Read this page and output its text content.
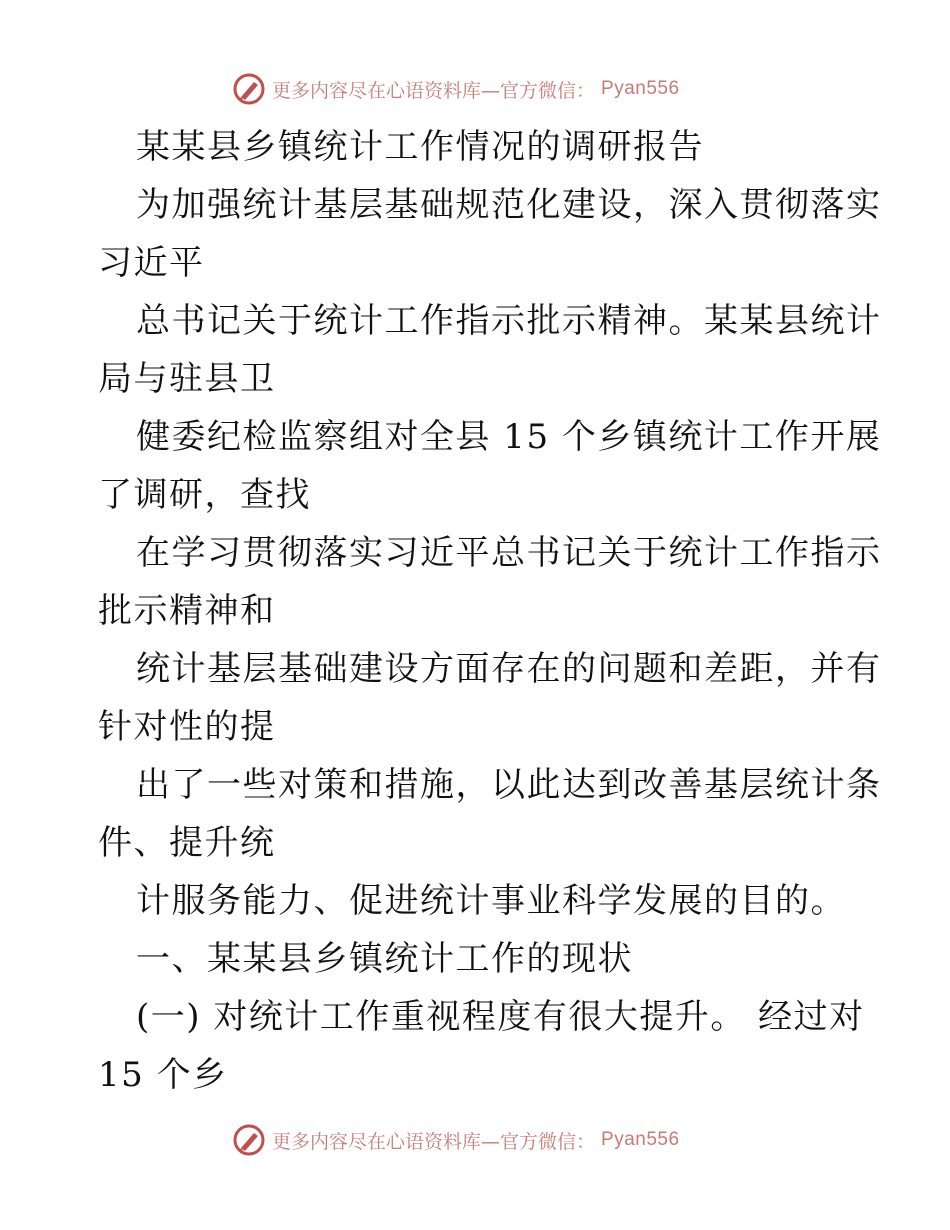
更多内容尽在心语资料库—官方微信： Pyan556
某某县乡镇统计工作情况的调研报告
为加强统计基层基础规范化建设，深入贯彻落实
习近平
总书记关于统计工作指示批示精神。某某县统计
局与驻县卫
健委纪检监察组对全县 15 个乡镇统计工作开展
了调研，查找
在学习贯彻落实习近平总书记关于统计工作指示
批示精神和
统计基层基础建设方面存在的问题和差距，并有
针对性的提
出了一些对策和措施，以此达到改善基层统计条
件、提升统
计服务能力、促进统计事业科学发展的目的。
一、某某县乡镇统计工作的现状
(一) 对统计工作重视程度有很大提升。 经过对
15 个乡
更多内容尽在心语资料库—官方微信： Pyan556
